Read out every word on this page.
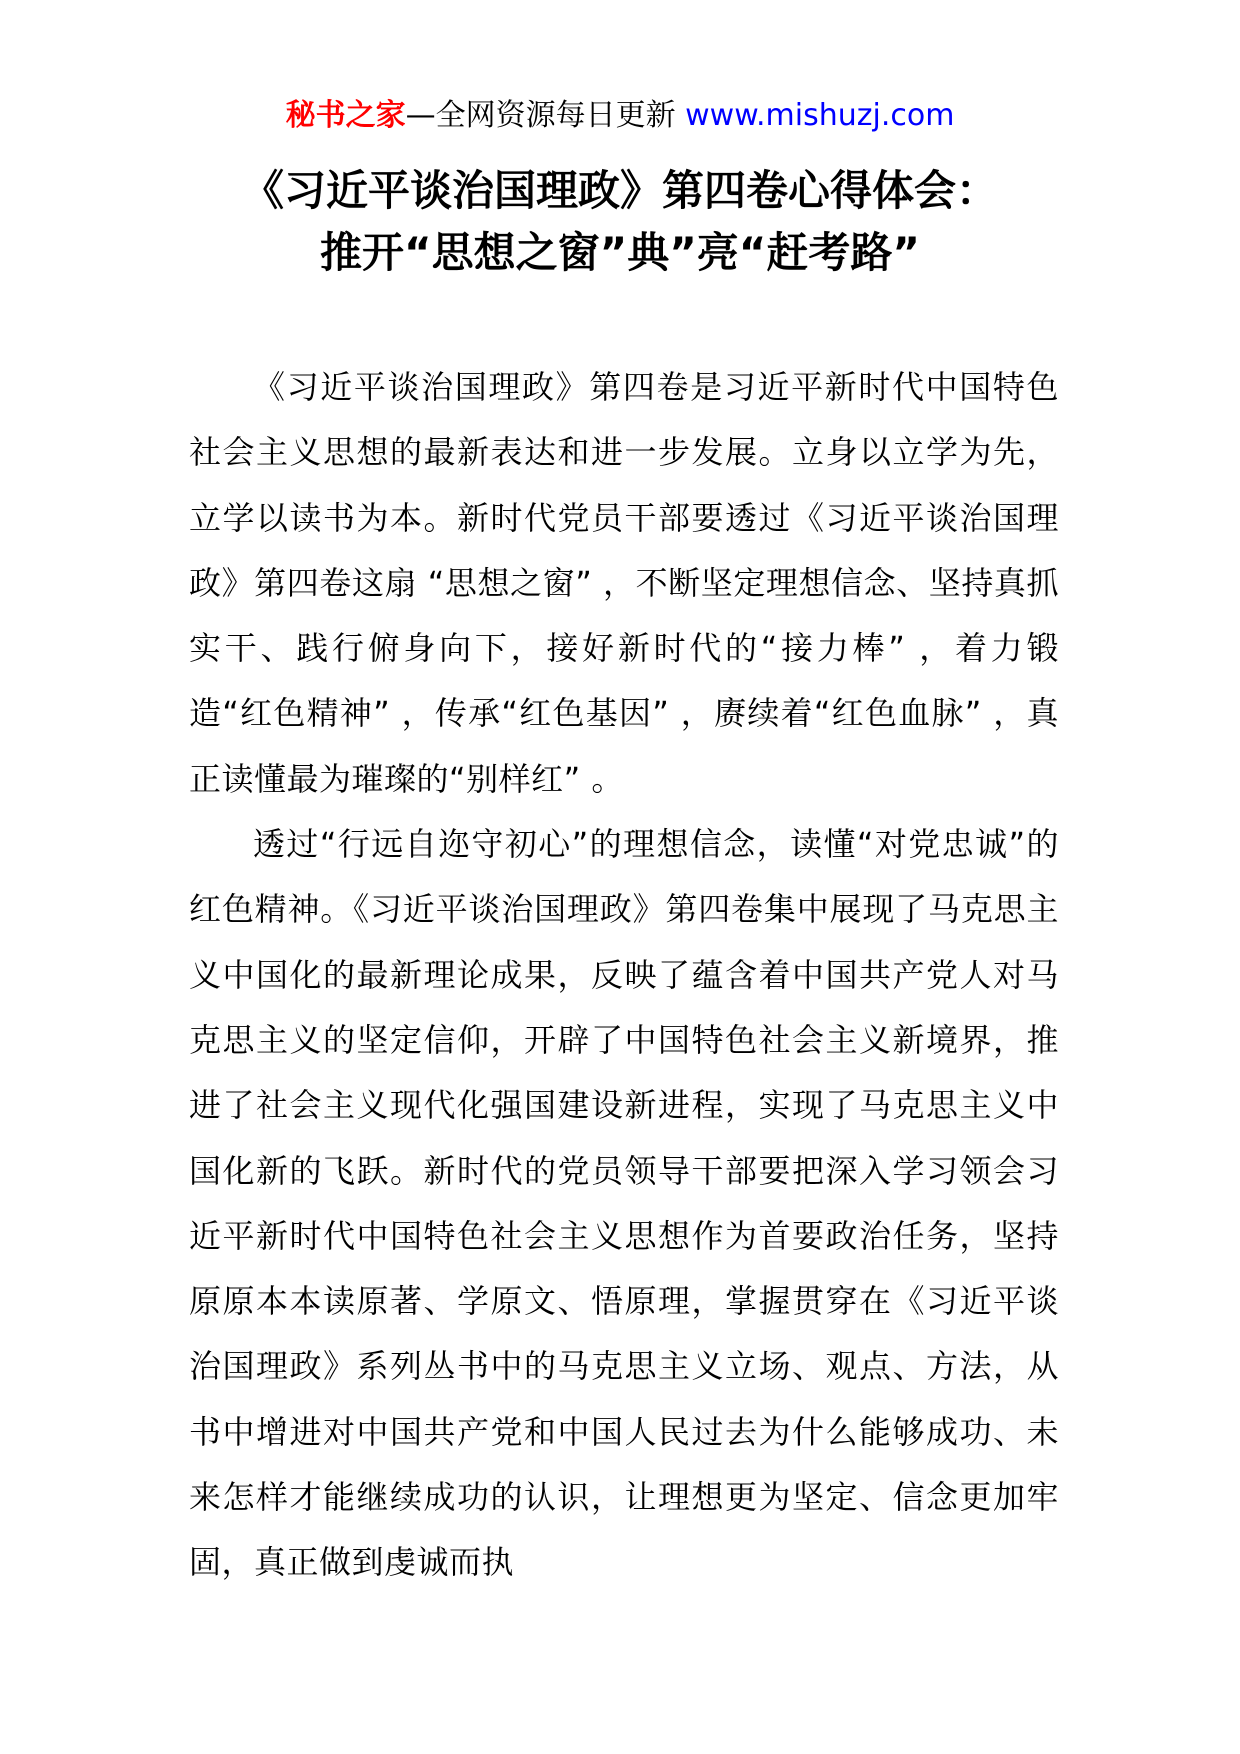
秘书之家—全网资源每日更新 www.mishuzj.com

《习近平谈治国理政》第四卷心得体会：

推开“思想之窗”典”亮“赶考路”

《习近平谈治国理政》第四卷是习近平新时代中国特色社会主义思想的最新表达和进一步发展。立身以立学为先，立学以读书为本。新时代党员干部要透过《习近平谈治国理政》第四卷这扇 “思想之窗” ，不断坚定理想信念、坚持真抓实干、践行俯身向下，接好新时代的“接力棒” ，着力锻造“红色精神” ，传承“红色基因” ，赓续着“红色血脉” ，真正读懂最为璀璨的“别样红” 。

透过“行远自迩守初心”的理想信念，读懂“对党忠诚”的红色精神。《习近平谈治国理政》第四卷集中展现了马克思主义中国化的最新理论成果，反映了蕴含着中国共产党人对马克思主义的坚定信仰，开辟了中国特色社会主义新境界，推进了社会主义现代化强国建设新进程，实现了马克思主义中国化新的飞跃。新时代的党员领导干部要把深入学习领会习近平新时代中国特色社会主义思想作为首要政治任务，坚持原原本本读原著、学原文、悟原理，掌握贯穿在《习近平谈治国理政》系列丛书中的马克思主义立场、观点、方法，从书中增进对中国共产党和中国人民过去为什么能够成功、未来怎样才能继续成功的认识，让理想更为坚定、信念更加牢固，真正做到虔诚而执
